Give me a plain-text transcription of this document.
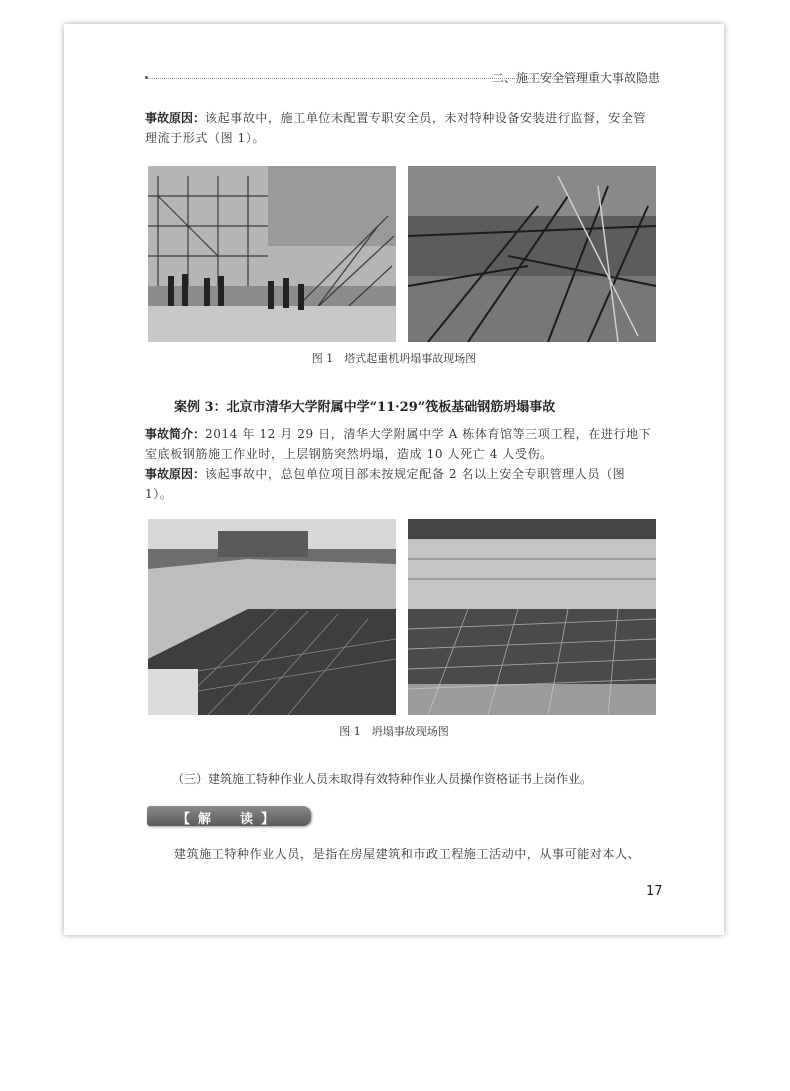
二、施工安全管理重大事故隐患
事故原因：该起事故中，施工单位未配置专职安全员，未对特种设备安装进行监督，安全管理流于形式（图 1）。
图 1　塔式起重机坍塌事故现场图
案例 3：北京市清华大学附属中学“11·29”筏板基础钢筋坍塌事故
事故简介：2014 年 12 月 29 日，清华大学附属中学 A 栋体育馆等三项工程，在进行地下室底板钢筋施工作业时，上层钢筋突然坍塌，造成 10 人死亡 4 人受伤。
事故原因：该起事故中，总包单位项目部未按规定配备 2 名以上安全专职管理人员（图 1）。
图 1　坍塌事故现场图
（三）建筑施工特种作业人员未取得有效特种作业人员操作资格证书上岗作业。
【解　读】
建筑施工特种作业人员，是指在房屋建筑和市政工程施工活动中，从事可能对本人、
17
